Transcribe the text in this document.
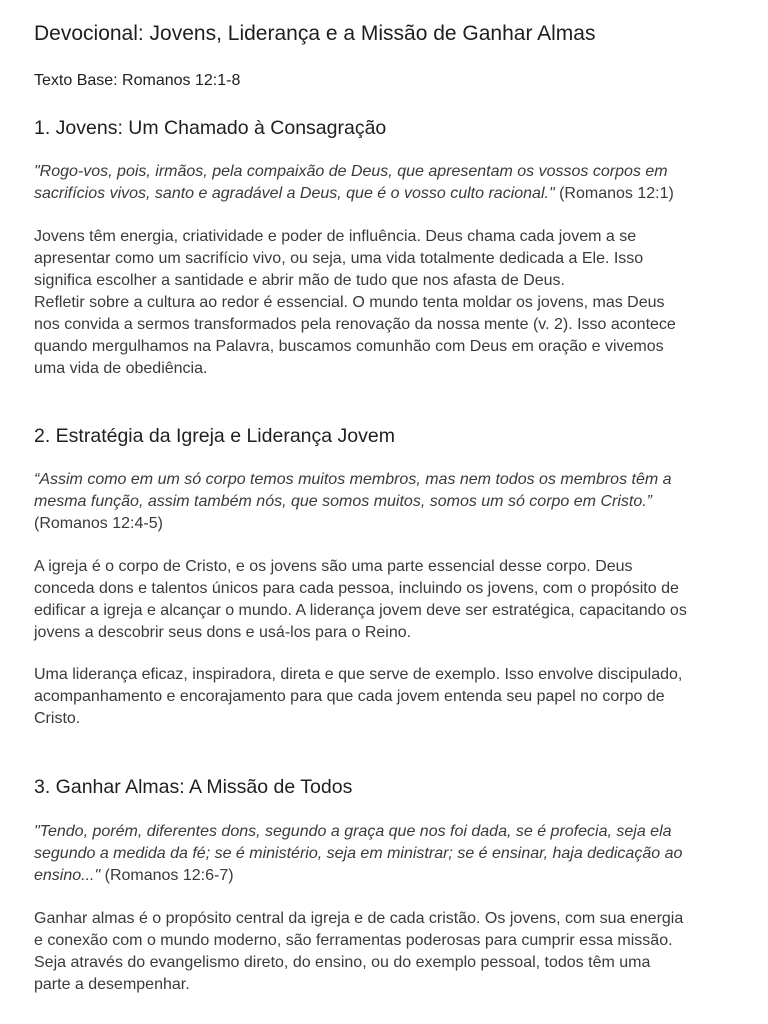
Devocional: Jovens, Liderança e a Missão de Ganhar Almas

Texto Base: Romanos 12:1-8

1. Jovens: Um Chamado à Consagração

"Rogo-vos, pois, irmãos, pela compaixão de Deus, que apresentam os vossos corpos em
sacrifícios vivos, santo e agradável a Deus, que é o vosso culto racional." (Romanos 12:1)

Jovens têm energia, criatividade e poder de influência. Deus chama cada jovem a se
apresentar como um sacrifício vivo, ou seja, uma vida totalmente dedicada a Ele. Isso
significa escolher a santidade e abrir mão de tudo que nos afasta de Deus.
Refletir sobre a cultura ao redor é essencial. O mundo tenta moldar os jovens, mas Deus
nos convida a sermos transformados pela renovação da nossa mente (v. 2). Isso acontece
quando mergulhamos na Palavra, buscamos comunhão com Deus em oração e vivemos
uma vida de obediência.

2. Estratégia da Igreja e Liderança Jovem

“Assim como em um só corpo temos muitos membros, mas nem todos os membros têm a
mesma função, assim também nós, que somos muitos, somos um só corpo em Cristo.”
(Romanos 12:4-5)

A igreja é o corpo de Cristo, e os jovens são uma parte essencial desse corpo. Deus
conceda dons e talentos únicos para cada pessoa, incluindo os jovens, com o propósito de
edificar a igreja e alcançar o mundo. A liderança jovem deve ser estratégica, capacitando os
jovens a descobrir seus dons e usá-los para o Reino.

Uma liderança eficaz, inspiradora, direta e que serve de exemplo. Isso envolve discipulado,
acompanhamento e encorajamento para que cada jovem entenda seu papel no corpo de
Cristo.

3. Ganhar Almas: A Missão de Todos

"Tendo, porém, diferentes dons, segundo a graça que nos foi dada, se é profecia, seja ela
segundo a medida da fé; se é ministério, seja em ministrar; se é ensinar, haja dedicação ao
ensino..." (Romanos 12:6-7)

Ganhar almas é o propósito central da igreja e de cada cristão. Os jovens, com sua energia
e conexão com o mundo moderno, são ferramentas poderosas para cumprir essa missão.
Seja através do evangelismo direto, do ensino, ou do exemplo pessoal, todos têm uma
parte a desempenhar.
